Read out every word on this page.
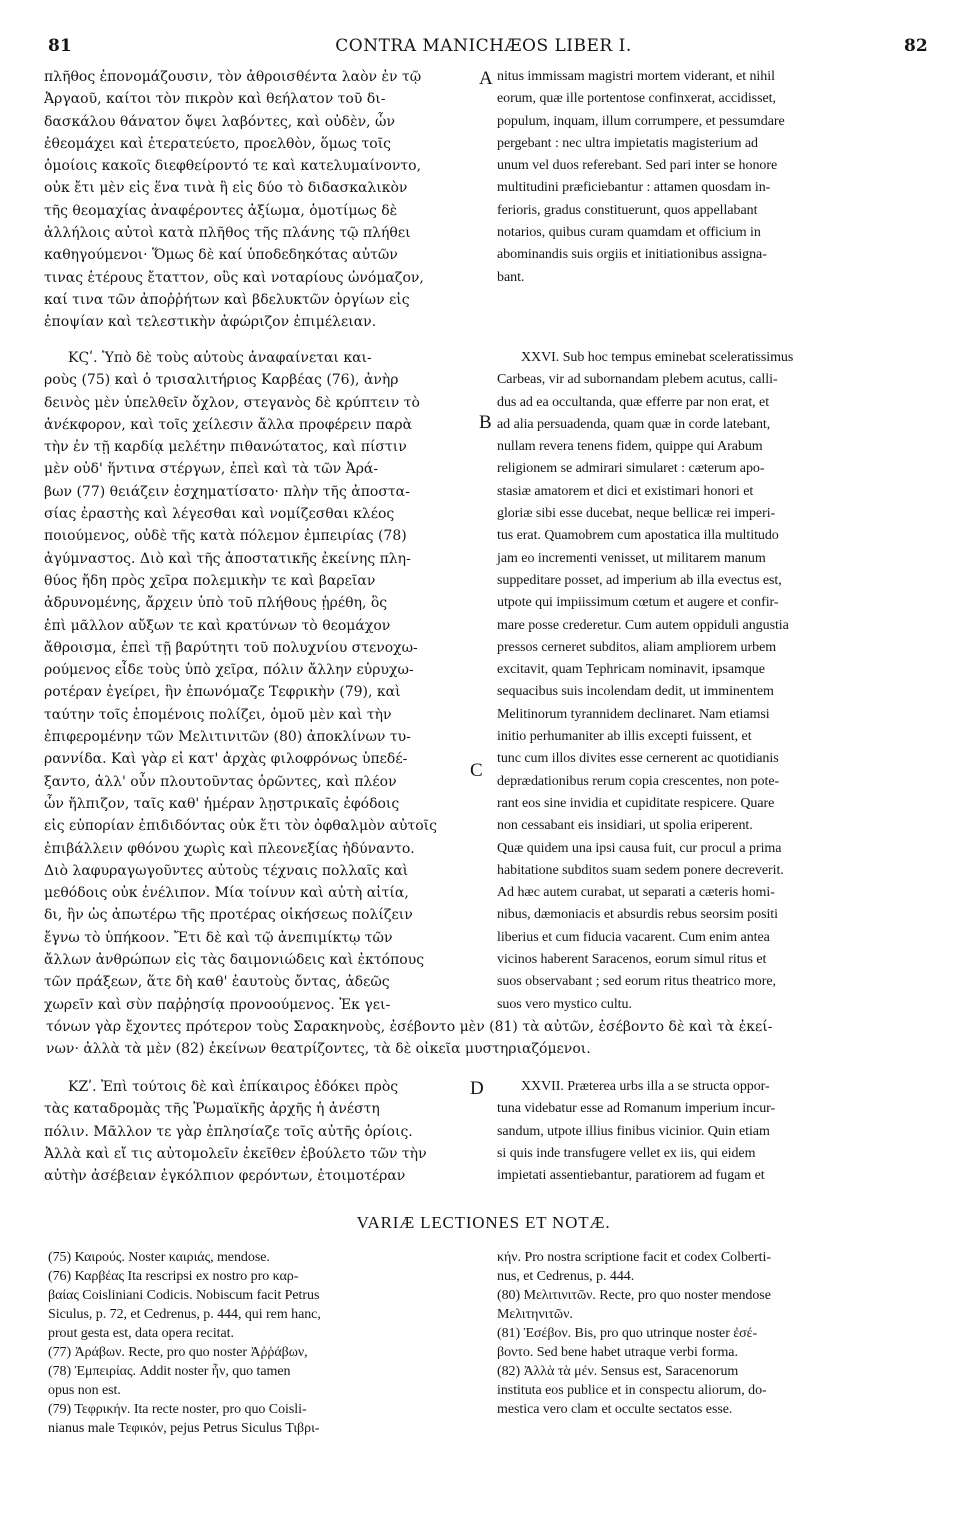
81	CONTRA MANICHÆOS LIBER I.	82
πλῆθος ἐπονομάζουσιν, τὸν ἀθροισθέντα λαὸν ἐν τῷ
Ἀργαοῦ, καίτοι τὸν πικρὸν καὶ θεήλατον τοῦ δι-
δασκάλου θάνατον ὄψει λαβόντες, καὶ οὐδὲν, ὧν
ἐθεομάχει καὶ ἐτερατεύετο, προελθὸν, ὅμως τοῖς
ὁμοίοις κακοῖς διεφθείροντό τε καὶ κατελυμαίνοντο,
οὐκ ἔτι μὲν εἰς ἕνα τινὰ ἢ εἰς δύο τὸ διδασκαλικὸν
τῆς θεομαχίας ἀναφέροντες ἀξίωμα, ὁμοτίμως δὲ
ἀλλήλοις αὐτοὶ κατὰ πλῆθος τῆς πλάνης τῷ πλήθει
καθηγούμενοι· Ὅμως δὲ καί ὑποδεδηκότας αὐτῶν
τινας ἑτέρους ἔταττον, οὓς καὶ νοταρίους ὠνόμαζον,
καί τινα τῶν ἀποῤῥήτων καὶ βδελυκτῶν ὀργίων εἰς
ἐποψίαν καὶ τελεστικὴν ἀφώριζον ἐπιμέλειαν.
nitus immissam magistri mortem viderant, et nihil
eorum, quæ ille portentose confinxerat, accidisset,
populum, inquam, illum corrumpere, et pessumdare
pergebant : nec ultra impietatis magisterium ad
unum vel duos referebant. Sed pari inter se honore
multitudini præficiebantur : attamen quosdam in-
ferioris, gradus constituerunt, quos appellabant
notarios, quibus curam quamdam et officium in
abominandis suis orgiis et initiationibus assigna-
bant.
A
ΚϚʹ. Ὑπὸ δὲ τοὺς αὐτοὺς ἀναφαίνεται και-
ροὺς (75) καὶ ὁ τρισαλιτήριος Καρβέας (76), ἀνὴρ
δεινὸς μὲν ὑπελθεῖν ὄχλον, στεγανὸς δὲ κρύπτειν τὸ
ἀνέκφορον, καὶ τοῖς χείλεσιν ἄλλα προφέρειν παρὰ
τὴν ἐν τῇ καρδίᾳ μελέτην πιθανώτατος, καὶ πίστιν
μὲν οὐδ' ἥντινα στέργων, ἐπεὶ καὶ τὰ τῶν Ἀρά-
βων (77) θειάζειν ἐσχηματίσατο· πλὴν τῆς ἀποστα-
σίας ἐραστὴς καὶ λέγεσθαι καὶ νομίζεσθαι κλέος
ποιούμενος, οὐδὲ τῆς κατὰ πόλεμον ἐμπειρίας (78)
ἀγύμναστος. Διὸ καὶ τῆς ἀποστατικῆς ἐκείνης πλη-
θύος ἤδη πρὸς χεῖρα πολεμικὴν τε καὶ βαρεῖαν
ἁδρυνομένης, ἄρχειν ὑπὸ τοῦ πλήθους ᾑρέθη, ὃς
ἐπὶ μᾶλλον αὔξων τε καὶ κρατύνων τὸ θεομάχον
ἄθροισμα, ἐπεὶ τῇ βαρύτητι τοῦ πολυχνίου στενοχω-
ρούμενος εἶδε τοὺς ὑπὸ χεῖρα, πόλιν ἄλλην εὐρυχω-
ροτέραν ἐγείρει, ἣν ἐπωνόμαζε Τεφρικὴν (79), καὶ
ταύτην τοῖς ἑπομένοις πολίζει, ὁμοῦ μὲν καὶ τὴν
ἐπιφερομένην τῶν Μελιτινιτῶν (80) ἀποκλίνων τυ-
ραννίδα. Καὶ γὰρ εἰ κατ' ἀρχὰς φιλοφρόνως ὑπεδέ-
ξαντο, ἀλλ' οὖν πλουτοῦντας ὁρῶντες, καὶ πλέον
ὧν ἤλπιζον, ταῖς καθ' ἡμέραν λῃστρικαῖς ἐφόδοις
εἰς εὐπορίαν ἐπιδιδόντας οὐκ ἔτι τὸν ὀφθαλμὸν αὐτοῖς
ἐπιβάλλειν φθόνου χωρὶς καὶ πλεονεξίας ἠδύναντο.
Διὸ λαφυραγωγοῦντες αὐτοὺς τέχναις πολλαῖς καὶ
μεθόδοις οὐκ ἐνέλιπον. Μία τοίνυν καὶ αὐτὴ αἰτία,
δι, ἣν ὡς ἀπωτέρω τῆς προτέρας οἰκήσεως πολίζειν
ἔγνω τὸ ὑπήκοον. Ἔτι δὲ καὶ τῷ ἀνεπιμίκτῳ τῶν
ἄλλων ἀνθρώπων εἰς τὰς δαιμονιώδεις καὶ ἐκτόπους
τῶν πράξεων, ἅτε δὴ καθ' ἑαυτοὺς ὄντας, ἀδεῶς
χωρεῖν καὶ σὺν παῤῥησίᾳ προνοούμενος. Ἐκ γει-
XXVI. Sub hoc tempus eminebat sceleratissimus
Carbeas, vir ad subornandam plebem acutus, calli-
dus ad ea occultanda, quæ efferre par non erat, et
ad alia persuadenda, quam quæ in corde latebant,
nullam revera tenens fidem, quippe qui Arabum
religionem se admirari simularet : cæterum apo-
stasiæ amatorem et dici et existimari honori et
gloriæ sibi esse ducebat, neque bellicæ rei imperi-
tus erat. Quamobrem cum apostatica illa multitudo
jam eo incrementi venisset, ut militarem manum
suppeditare posset, ad imperium ab illa evectus est,
utpote qui impiissimum cœtum et augere et confir-
mare posse crederetur. Cum autem oppiduli angustia
pressos cerneret subditos, aliam ampliorem urbem
excitavit, quam Tephricam nominavit, ipsamque
sequacibus suis incolendam dedit, ut imminentem
Melitinorum tyrannidem declinaret. Nam etiamsi
initio perhumaniter ab illis excepti fuissent, et
tunc cum illos divites esse cernerent ac quotidianis
deprædationibus rerum copia crescentes, non pote-
rant eos sine invidia et cupiditate respicere. Quare
non cessabant eis insidiari, ut spolia eriperent.
Quæ quidem una ipsi causa fuit, cur procul a prima
habitatione subditos suam sedem ponere decreverit.
Ad hæc autem curabat, ut separati a cæteris homi-
nibus, dæmoniacis et absurdis rebus seorsim positi
liberius et cum fiducia vacarent. Cum enim antea
vicinos haberent Saracenos, eorum simul ritus et
suos observabant ; sed eorum ritus theatrico more,
suos vero mystico cultu.
B
C
τόνων γὰρ ἔχοντες πρότερον τοὺς Σαρακηνοὺς, ἐσέβοντο μὲν (81) τὰ αὐτῶν, ἐσέβοντο δὲ καὶ τὰ ἐκεί-
νων· ἀλλὰ τὰ μὲν (82) ἐκείνων θεατρίζοντες, τὰ δὲ οἰκεῖα μυστηριαζόμενοι.
ΚΖʹ. Ἐπὶ τούτοις δὲ καὶ ἐπίκαιρος ἐδόκει πρὸς
τὰς καταδρομὰς τῆς Ῥωμαϊκῆς ἀρχῆς ἡ ἀνέστη
πόλιν. Μᾶλλον τε γὰρ ἐπλησίαζε τοῖς αὐτῆς ὁρίοις.
Ἀλλὰ καὶ εἴ τις αὐτομολεῖν ἐκεῖθεν ἐβούλετο τῶν τὴν
αὐτὴν ἀσέβειαν ἐγκόλπιον φερόντων, ἑτοιμοτέραν
XXVII. Præterea urbs illa a se structa oppor-
tuna videbatur esse ad Romanum imperium incur-
sandum, utpote illius finibus vicinior. Quin etiam
si quis inde transfugere vellet ex iis, qui eidem
impietati assentiebantur, paratiorem ad fugam et
D
VARIÆ LECTIONES ET NOTÆ.
(75) Καιρούς. Noster καιριάς, mendose.
(76) Καρβέας Ita rescripsi ex nostro pro καρ-
βαίας Coisliniani Codicis. Nobiscum facit Petrus
Siculus, p. 72, et Cedrenus, p. 444, qui rem hanc,
prout gesta est, data opera recitat.
(77) Ἀράβων. Recte, pro quo noster Ἀῤῥάβων,
(78) Ἐμπειρίας. Addit noster ἦν, quo tamen
opus non est.
(79) Τεφρικήν. Ita recte noster, pro quo Coisli-
nianus male Τεφικόν, pejus Petrus Siculus Τιβρι-
κήν. Pro nostra scriptione facit et codex Colberti-
nus, et Cedrenus, p. 444.
(80) Μελιτινιτῶν. Recte, pro quo noster mendose
Μελιτηνιτῶν.
(81) Ἐσέβον. Bis, pro quo utrinque noster ἐσέ-
βοντο. Sed bene habet utraque verbi forma.
(82) Ἀλλὰ τὰ μέν. Sensus est, Saracenorum
instituta eos publice et in conspectu aliorum, do-
mestica vero clam et occulte sectatos esse.
